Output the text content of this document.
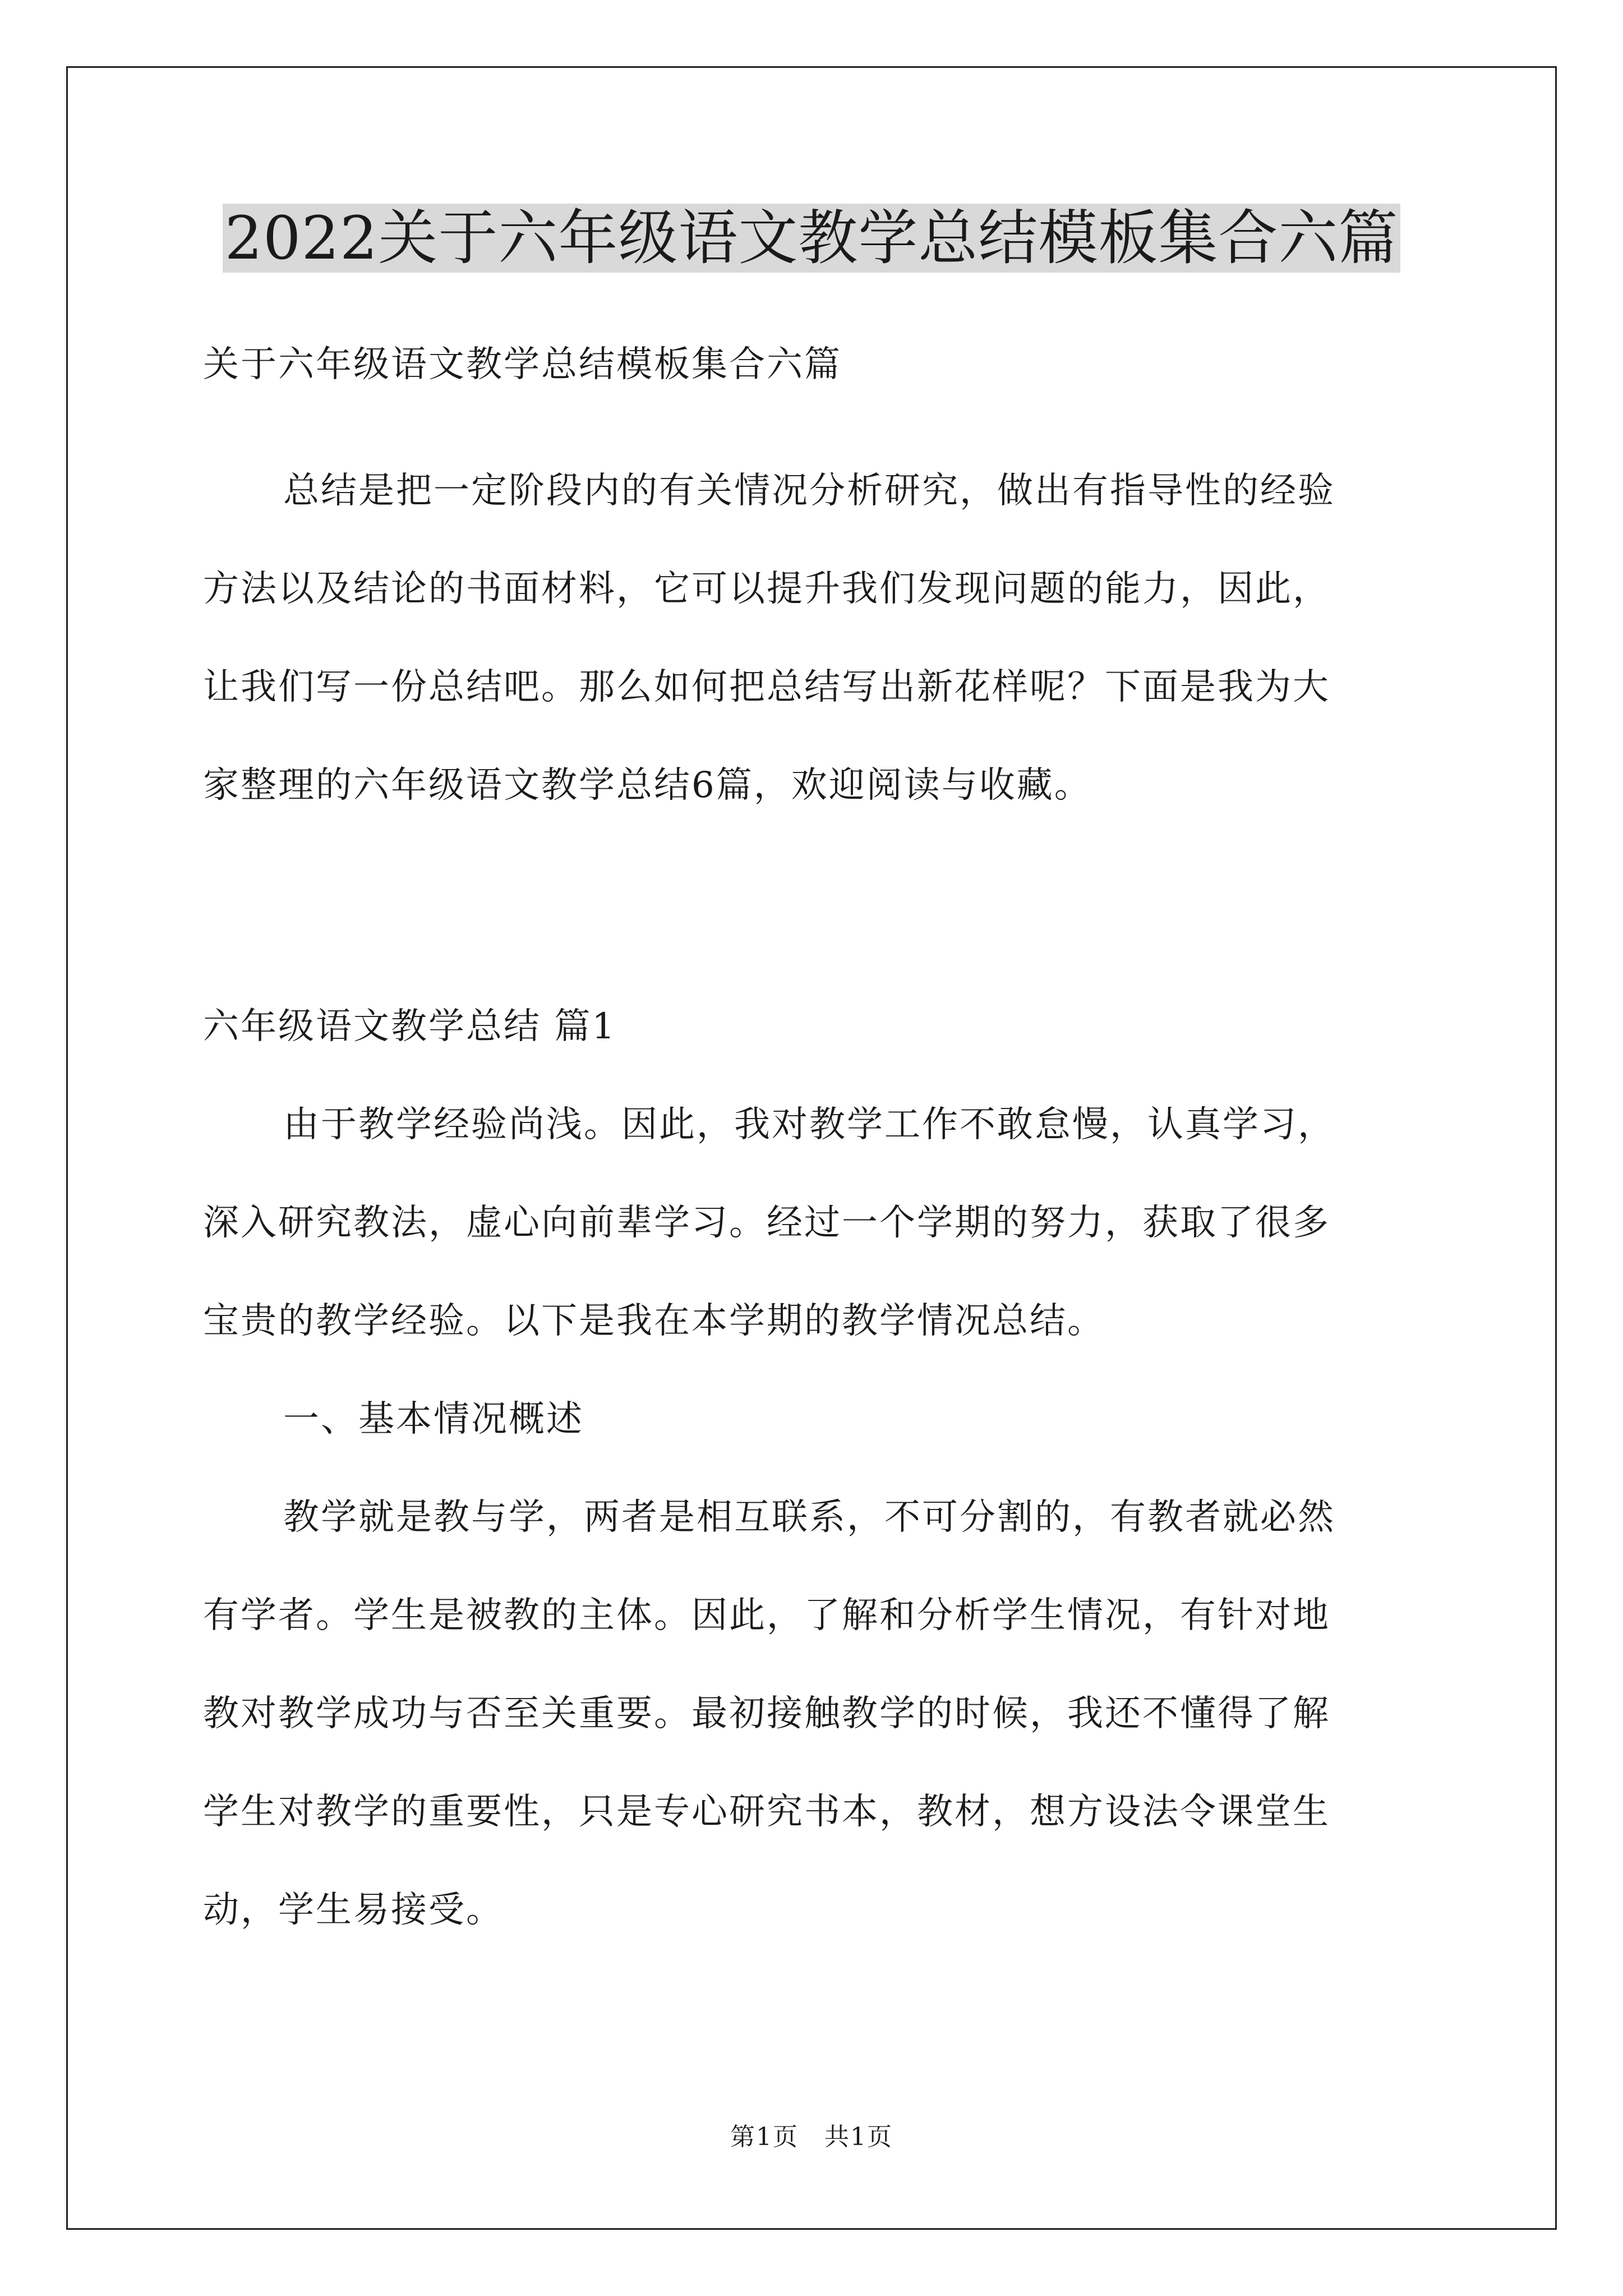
2022关于六年级语文教学总结模板集合六篇
关于六年级语文教学总结模板集合六篇
总结是把一定阶段内的有关情况分析研究，做出有指导性的经验
方法以及结论的书面材料，它可以提升我们发现问题的能力，因此，
让我们写一份总结吧。那么如何把总结写出新花样呢？下面是我为大
家整理的六年级语文教学总结6篇，欢迎阅读与收藏。
六年级语文教学总结 篇1
由于教学经验尚浅。因此，我对教学工作不敢怠慢，认真学习，
深入研究教法，虚心向前辈学习。经过一个学期的努力，获取了很多
宝贵的教学经验。以下是我在本学期的教学情况总结。
一、基本情况概述
教学就是教与学，两者是相互联系，不可分割的，有教者就必然
有学者。学生是被教的主体。因此，了解和分析学生情况，有针对地
教对教学成功与否至关重要。最初接触教学的时候，我还不懂得了解
学生对教学的重要性，只是专心研究书本，教材，想方设法令课堂生
动，学生易接受。
第1页　共1页
